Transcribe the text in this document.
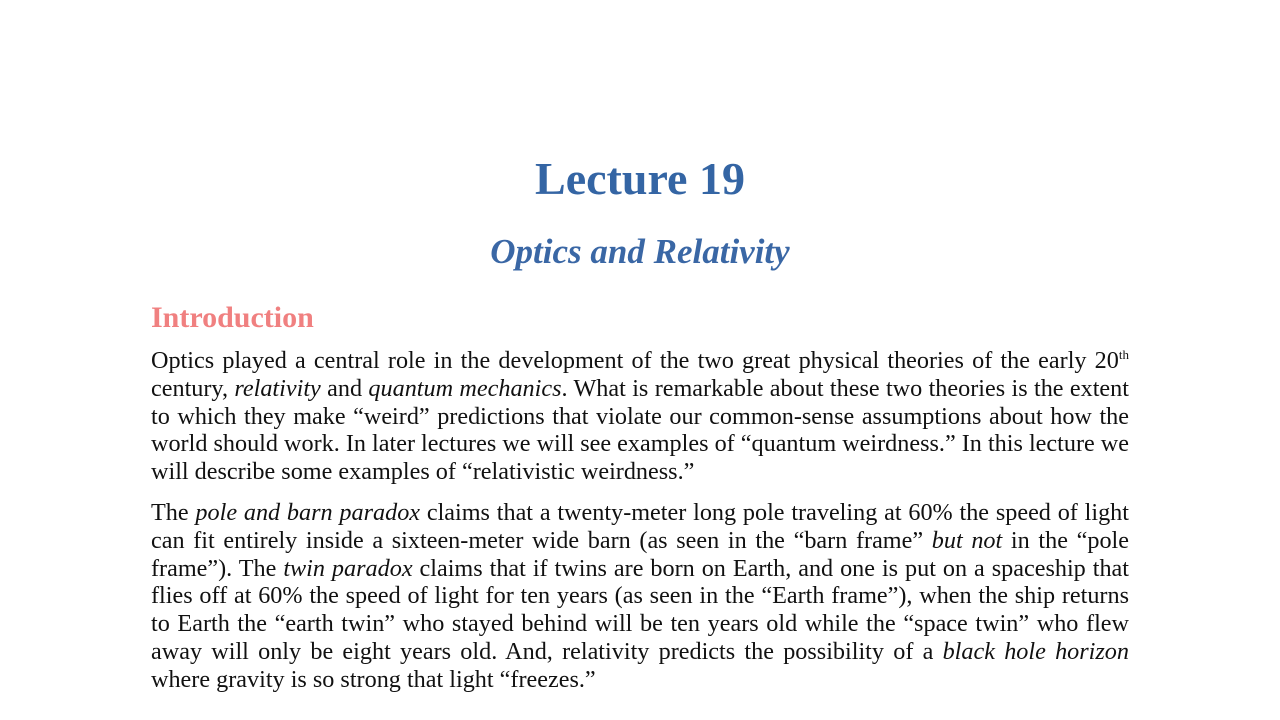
Lecture 19
Optics and Relativity
Introduction

Optics played a central role in the development of the two great physical theories of the early 20th century, relativity and quantum mechanics. What is remarkable about these two theories is the extent to which they make “weird” predictions that violate our common-sense assumptions about how the world should work. In later lectures we will see examples of “quantum weirdness.” In this lecture we will describe some examples of “relativistic weirdness.”

The pole and barn paradox claims that a twenty-meter long pole traveling at 60% the speed of light can fit entirely inside a sixteen-meter wide barn (as seen in the “barn frame” but not in the “pole frame”). The twin paradox claims that if twins are born on Earth, and one is put on a spaceship that flies off at 60% the speed of light for ten years (as seen in the “Earth frame”), when the ship returns to Earth the “earth twin” who stayed behind will be ten years old while the “space twin” who flew away will only be eight years old. And, relativity predicts the possibility of a black hole horizon where gravity is so strong that light “freezes.”
